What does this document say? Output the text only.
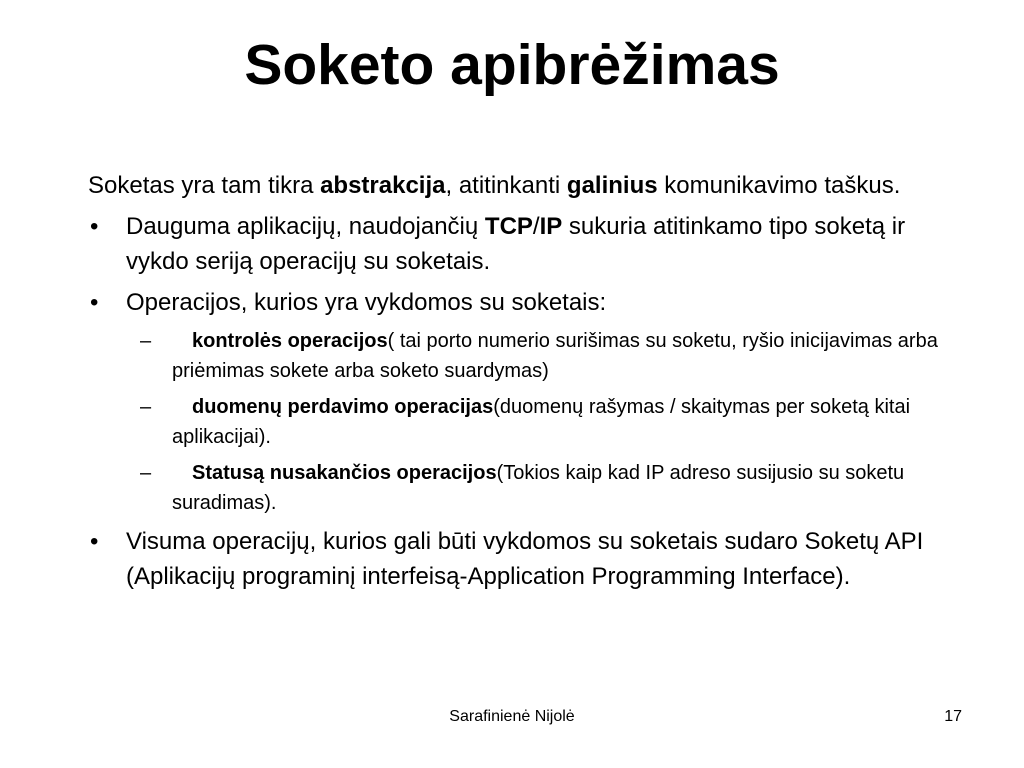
Soketo apibrėžimas
Soketas yra tam tikra abstrakcija, atitinkanti galinius komunikavimo taškus.
• Dauguma aplikacijų, naudojančių TCP/IP sukuria atitinkamo tipo soketą ir vykdo seriją operacijų su soketais.
• Operacijos, kurios yra vykdomos su soketais:
– kontrolės operacijos( tai porto numerio surišimas su soketu, ryšio inicijavimas arba priėmimas sokete arba soketo suardymas)
– duomenų perdavimo operacijas(duomenų rašymas / skaitymas per soketą kitai aplikacijai).
– Statusą nusakančios operacijos(Tokios kaip kad IP adreso susijusio su soketu suradimas).
• Visuma operacijų, kurios gali būti vykdomos su soketais sudaro Soketų API (Aplikacijų programinį interfeisą-Application Programming Interface).
Sarafinienė Nijolė	17
